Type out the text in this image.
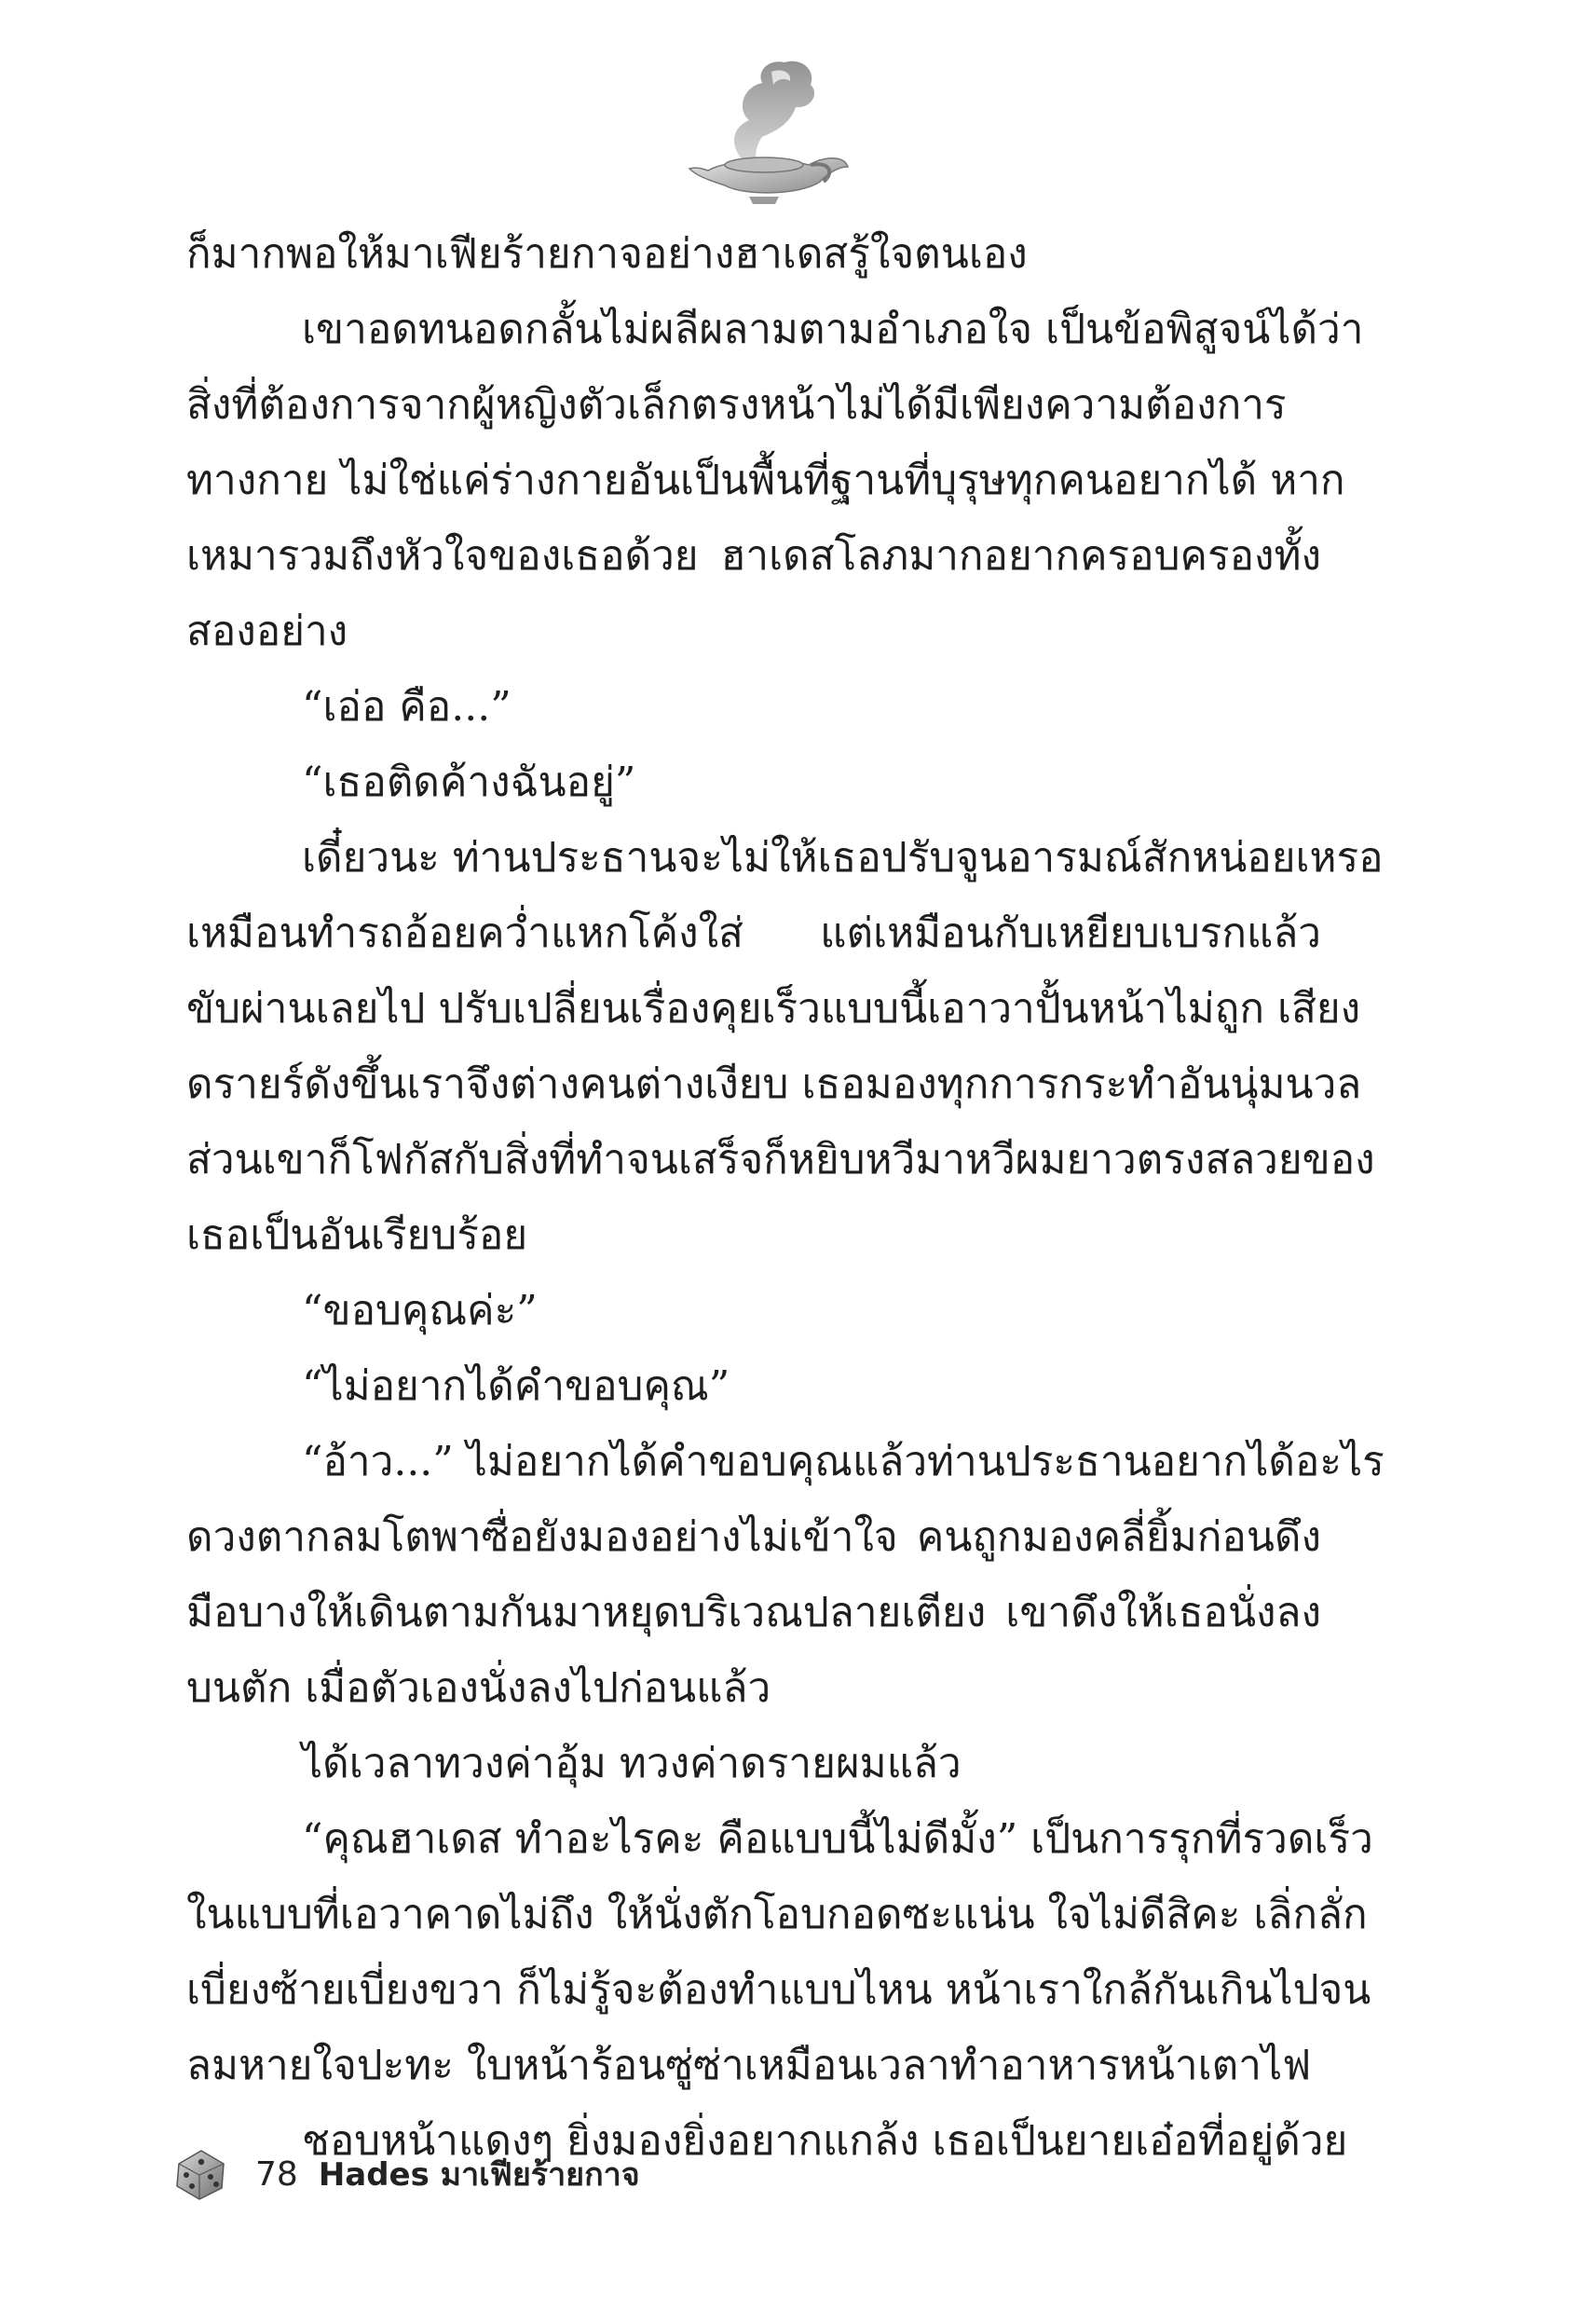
ก็มากพอให้มาเฟียร้ายกาจอย่างฮาเดสรู้ใจตนเอง

เขาอดทนอดกลั้นไม่ผลีผลามตามอำเภอใจ เป็นข้อพิสูจน์ได้ว่า
สิ่งที่ต้องการจากผู้หญิงตัวเล็กตรงหน้าไม่ได้มีเพียงความต้องการ
ทางกาย ไม่ใช่แค่ร่างกายอันเป็นพื้นที่ฐานที่บุรุษทุกคนอยากได้ หาก
เหมารวมถึงหัวใจของเธอด้วย ฮาเดสโลภมากอยากครอบครองทั้ง
สองอย่าง

“เอ่อ คือ...”

“เธอติดค้างฉันอยู่”

เดี๋ยวนะ ท่านประธานจะไม่ให้เธอปรับจูนอารมณ์สักหน่อยเหรอ
เหมือนทำรถอ้อยคว่ำแหกโค้งใส่ แต่เหมือนกับเหยียบเบรกแล้ว
ขับผ่านเลยไป ปรับเปลี่ยนเรื่องคุยเร็วแบบนี้เอาวาปั้นหน้าไม่ถูก เสียง
ดรายร์ดังขึ้นเราจึงต่างคนต่างเงียบ เธอมองทุกการกระทำอันนุ่มนวล
ส่วนเขาก็โฟกัสกับสิ่งที่ทำจนเสร็จก็หยิบหวีมาหวีผมยาวตรงสลวยของ
เธอเป็นอันเรียบร้อย

“ขอบคุณค่ะ”

“ไม่อยากได้คำขอบคุณ”

“อ้าว...” ไม่อยากได้คำขอบคุณแล้วท่านประธานอยากได้อะไร
ดวงตากลมโตพาซื่อยังมองอย่างไม่เข้าใจ คนถูกมองคลี่ยิ้มก่อนดึง
มือบางให้เดินตามกันมาหยุดบริเวณปลายเตียง เขาดึงให้เธอนั่งลง
บนตัก เมื่อตัวเองนั่งลงไปก่อนแล้ว

ได้เวลาทวงค่าอุ้ม ทวงค่าดรายผมแล้ว

“คุณฮาเดส ทำอะไรคะ คือแบบนี้ไม่ดีมั้ง” เป็นการรุกที่รวดเร็ว
ในแบบที่เอวาคาดไม่ถึง ให้นั่งตักโอบกอดซะแน่น ใจไม่ดีสิคะ เลิ่กลั่ก
เบี่ยงซ้ายเบี่ยงขวา ก็ไม่รู้จะต้องทำแบบไหน หน้าเราใกล้กันเกินไปจน
ลมหายใจปะทะ ใบหน้าร้อนซู่ซ่าเหมือนเวลาทำอาหารหน้าเตาไฟ

ชอบหน้าแดงๆ ยิ่งมองยิ่งอยากแกล้ง เธอเป็นยายเอ๋อที่อยู่ด้วย

78 Hades มาเฟียร้ายกาจ
